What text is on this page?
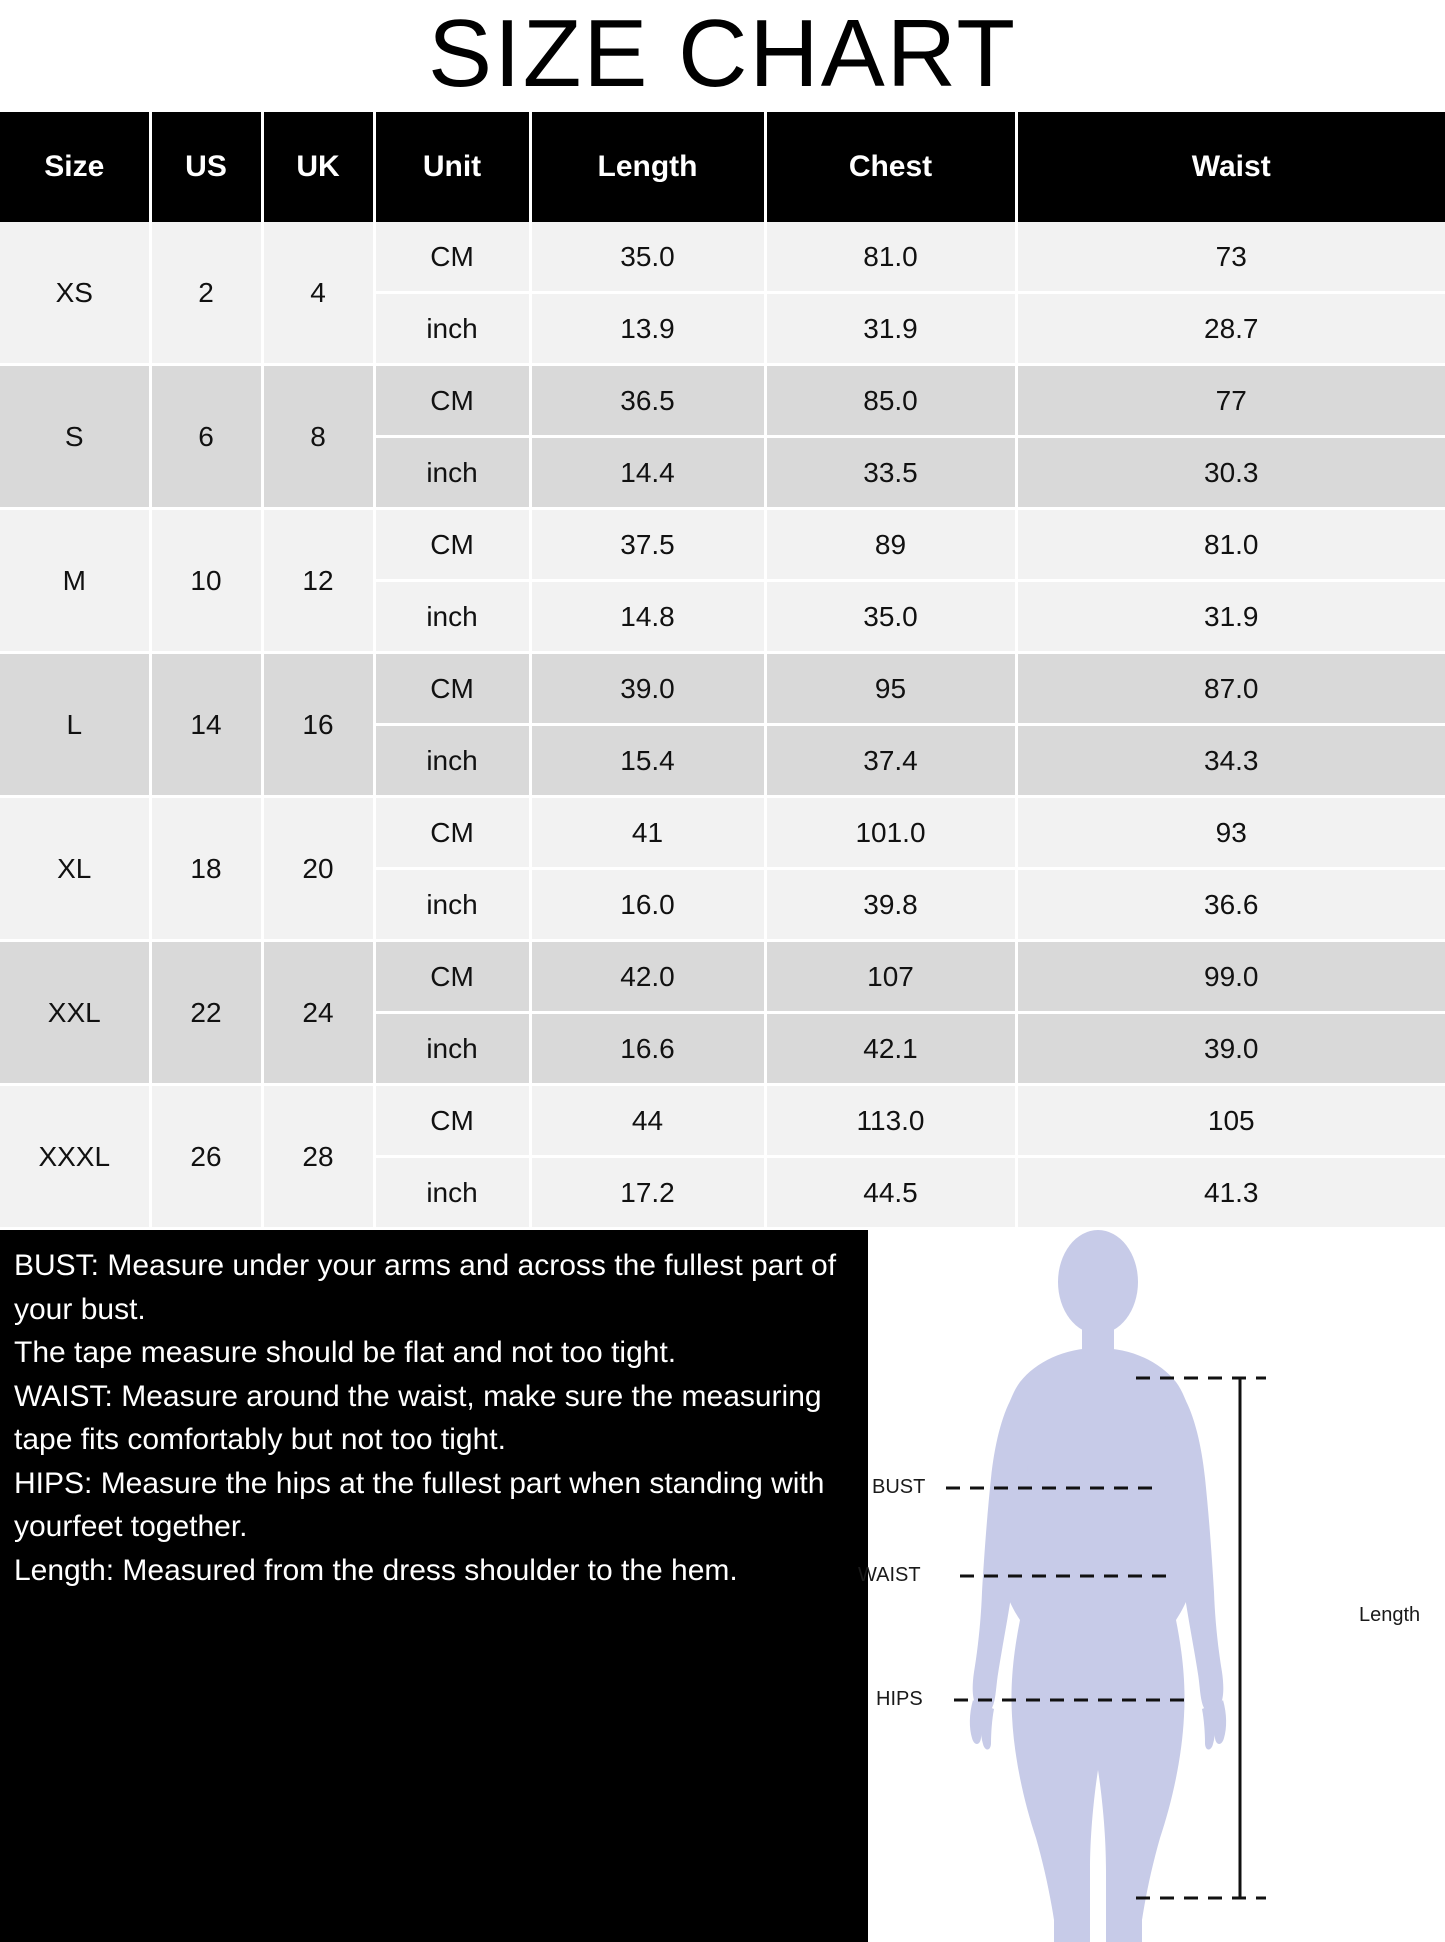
SIZE CHART
Size	US	UK	Unit	Length	Chest	Waist
XS	2	4	CM	35.0	81.0	73
			inch	13.9	31.9	28.7
S	6	8	CM	36.5	85.0	77
			inch	14.4	33.5	30.3
M	10	12	CM	37.5	89	81.0
			inch	14.8	35.0	31.9
L	14	16	CM	39.0	95	87.0
			inch	15.4	37.4	34.3
XL	18	20	CM	41	101.0	93
			inch	16.0	39.8	36.6
XXL	22	24	CM	42.0	107	99.0
			inch	16.6	42.1	39.0
XXXL	26	28	CM	44	113.0	105
			inch	17.2	44.5	41.3

BUST: Measure under your arms and across the fullest part of your bust.

The tape measure should be flat and not too tight.

WAIST: Measure around the waist, make sure the measuring tape fits comfortably but not too tight.

HIPS: Measure the hips at the fullest part when standing with yourfeet together.

Length: Measured from the dress shoulder to the hem.

BUST
WAIST
HIPS
Length
